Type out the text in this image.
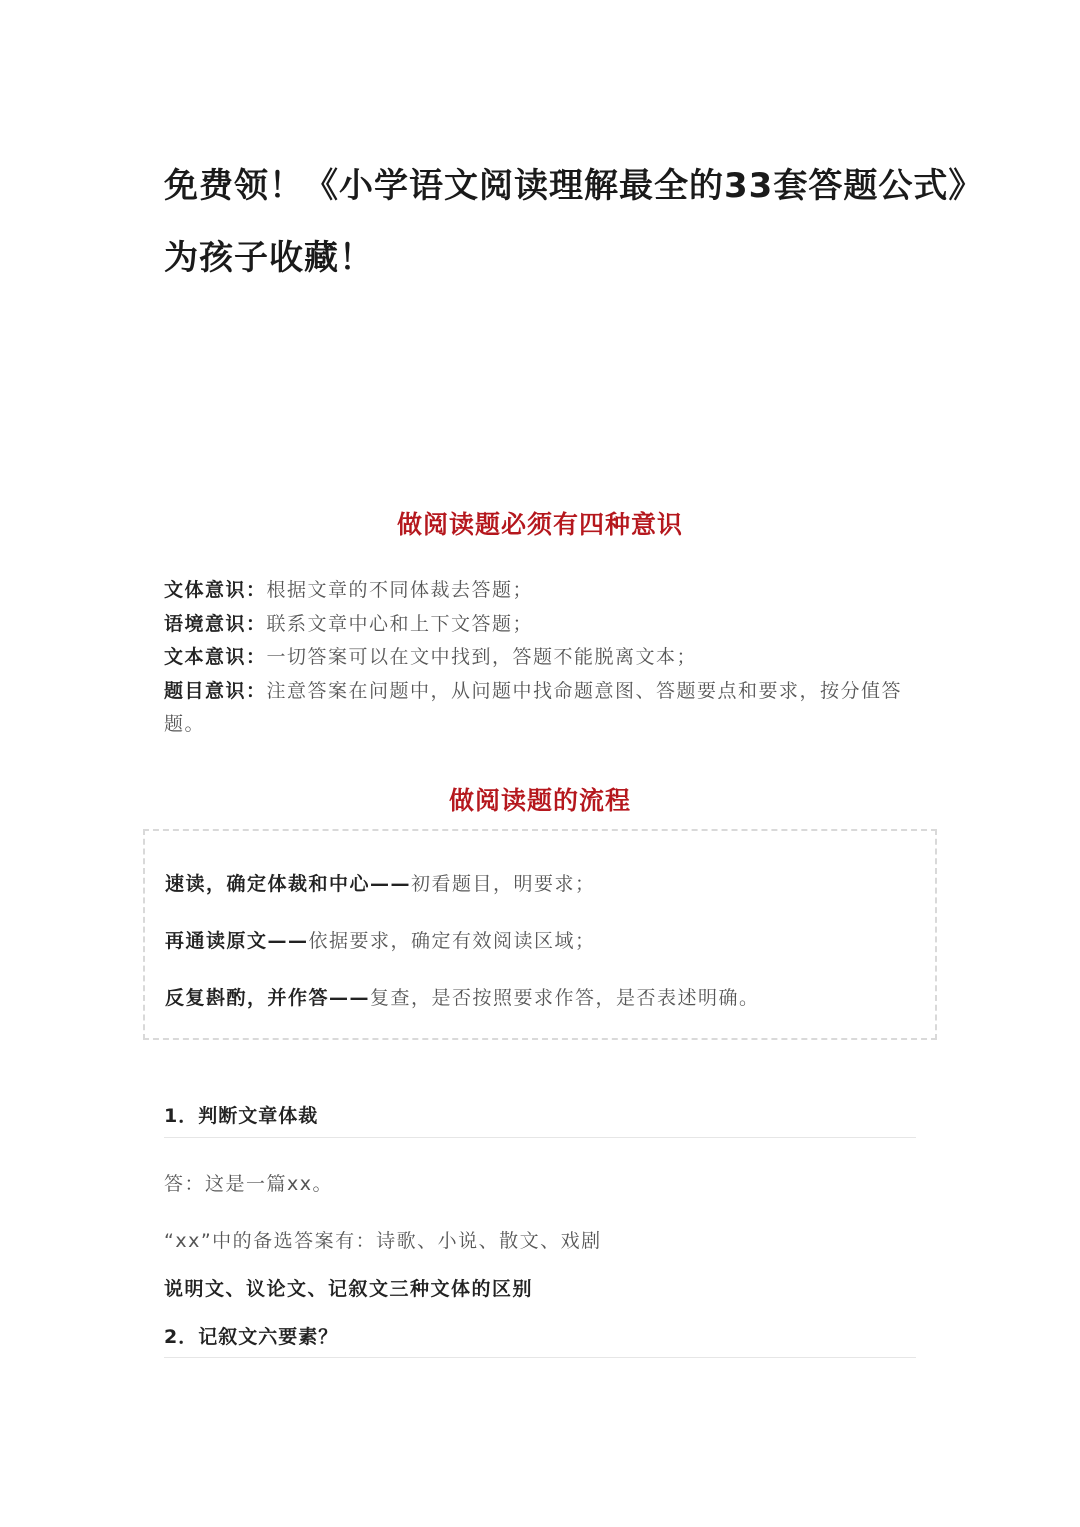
免费领！《小学语文阅读理解最全的33套答题公式》
为孩子收藏！
做阅读题必须有四种意识
文体意识：根据文章的不同体裁去答题；
语境意识：联系文章中心和上下文答题；
文本意识：一切答案可以在文中找到，答题不能脱离文本；
题目意识：注意答案在问题中，从问题中找命题意图、答题要点和要求，按分值答题。
做阅读题的流程
速读，确定体裁和中心——初看题目，明要求；
再通读原文——依据要求，确定有效阅读区域；
反复斟酌，并作答——复查，是否按照要求作答，是否表述明确。
1．判断文章体裁
答：这是一篇xx。
“xx”中的备选答案有：诗歌、小说、散文、戏剧
说明文、议论文、记叙文三种文体的区别
2．记叙文六要素？
